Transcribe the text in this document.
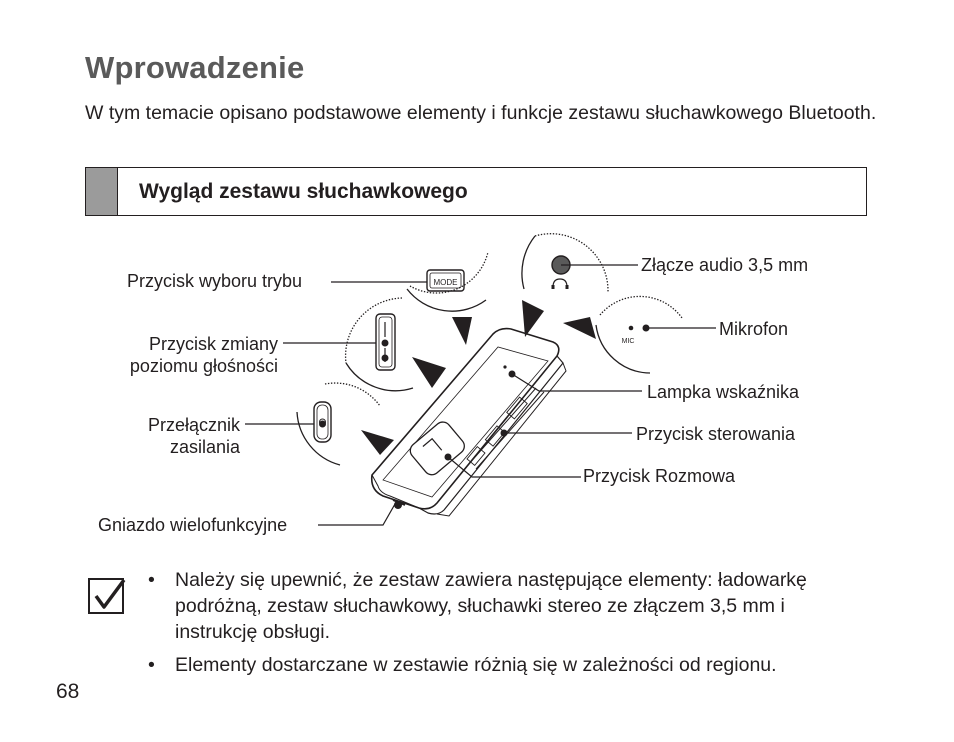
Wprowadzenie
W tym temacie opisano podstawowe elementy i funkcje zestawu słuchawkowego Bluetooth.
Wygląd zestawu słuchawkowego
MODE
MIC
Przycisk wyboru trybu
Przycisk zmiany
poziomu głośności
Przełącznik
zasilania
Gniazdo wielofunkcyjne
Złącze audio 3,5 mm
Mikrofon
Lampka wskaźnika
Przycisk sterowania
Przycisk Rozmowa
• Należy się upewnić, że zestaw zawiera następujące elementy: ładowarkę podróżną, zestaw słuchawkowy, słuchawki stereo ze złączem 3,5 mm i instrukcję obsługi.
• Elementy dostarczane w zestawie różnią się w zależności od regionu.
68
